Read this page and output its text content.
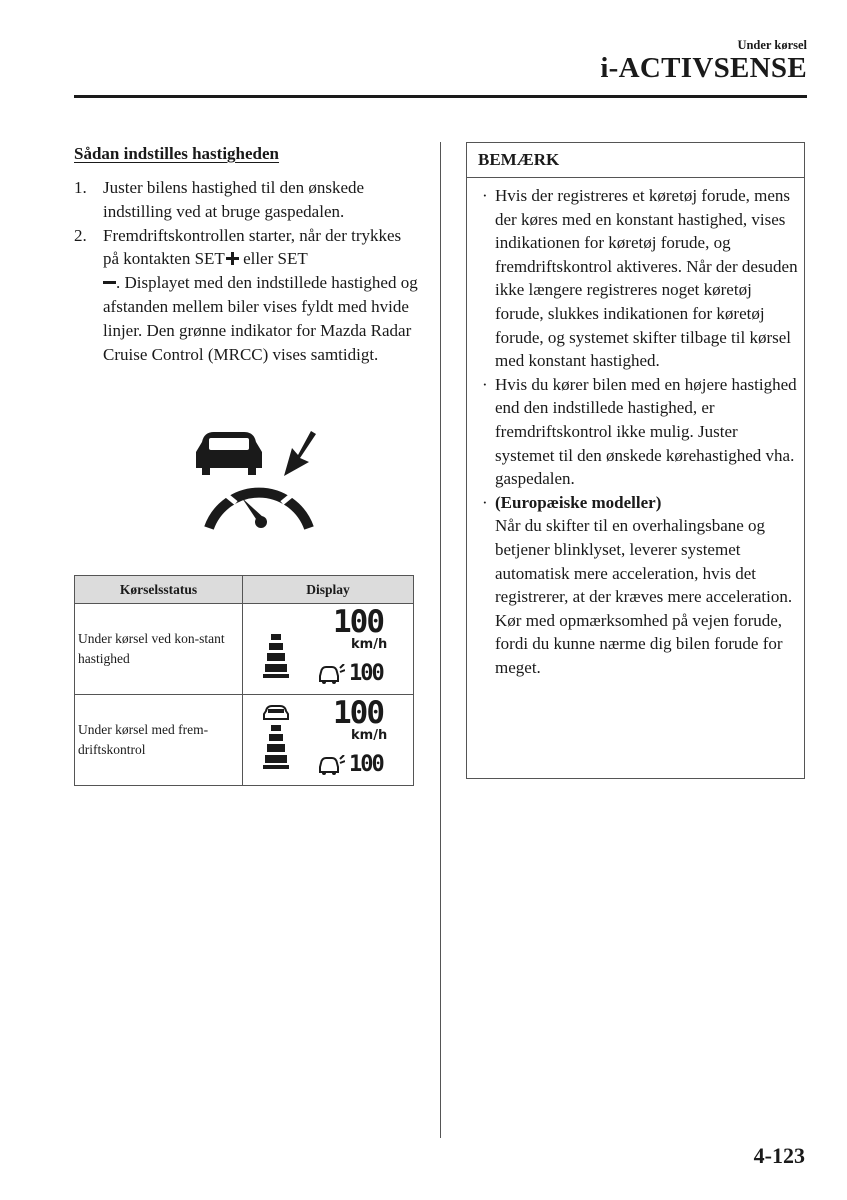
Under kørsel
i-ACTIVSENSE
Sådan indstilles hastigheden
1. Juster bilens hastighed til den ønskede indstilling ved at bruge gaspedalen.
2. Fremdriftskontrollen starter, når der trykkes på kontakten SET eller SET
. Displayet med den indstillede hastighed og afstanden mellem biler vises fyldt med hvide linjer. Den grønne indikator for Mazda Radar Cruise Control (MRCC) vises samtidigt.
Kørselsstatus	Display
Under kørsel ved kon-stant hastighed	100
km/h
100

Under kørsel med frem-driftskontrol	100
km/h
100
BEMÆRK
· Hvis der registreres et køretøj forude, mens der køres med en konstant hastighed, vises indikationen for køretøj forude, og fremdriftskontrol aktiveres. Når der desuden ikke længere registreres noget køretøj forude, slukkes indikationen for køretøj forude, og systemet skifter tilbage til kørsel med konstant hastighed.
· Hvis du kører bilen med en højere hastighed end den indstillede hastighed, er fremdriftskontrol ikke mulig. Juster systemet til den ønskede kørehastighed vha. gaspedalen.
· (Europæiske modeller)
Når du skifter til en overhalingsbane og betjener blinklyset, leverer systemet automatisk mere acceleration, hvis det registrerer, at der kræves mere acceleration. Kør med opmærksomhed på vejen forude, fordi du kunne nærme dig bilen forude for meget.
4-123
